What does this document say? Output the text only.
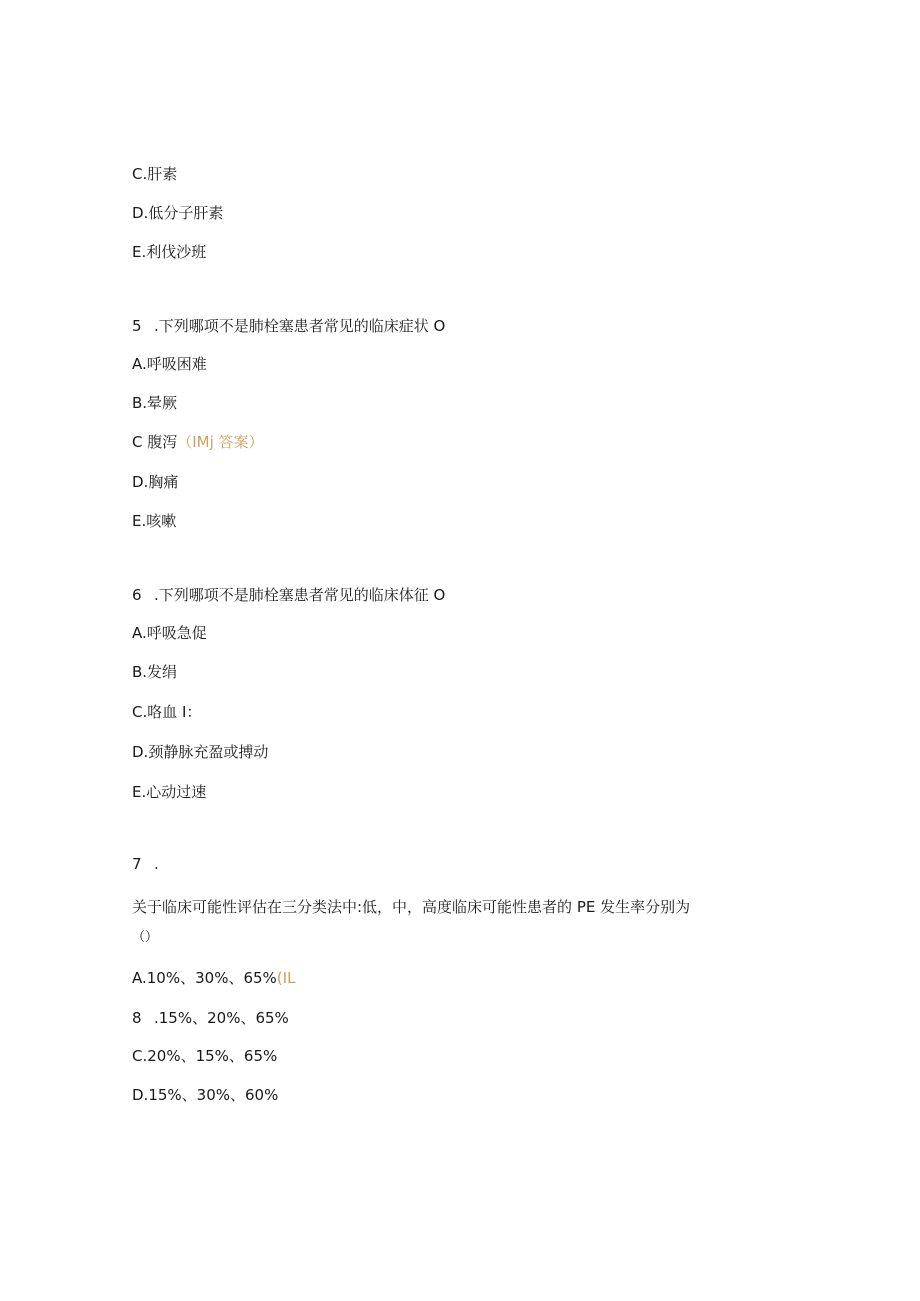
C.肝素
D.低分子肝素
E.利伐沙班
5 .下列哪项不是肺栓塞患者常见的临床症状 O
A.呼吸困难
B.晕厥
C 腹泻（IMj 答案）
D.胸痛
E.咳嗽
6 .下列哪项不是肺栓塞患者常见的临床体征 O
A.呼吸急促
B.发绢
C.咯血 I：
D.颈静脉充盈或搏动
E.心动过速
7 .
关于临床可能性评估在三分类法中:低，中，高度临床可能性患者的 PE 发生率分别为
（）
A.10%、30%、65%(IL
8 .15%、20%、65%
C.20%、15%、65%
D.15%、30%、60%
